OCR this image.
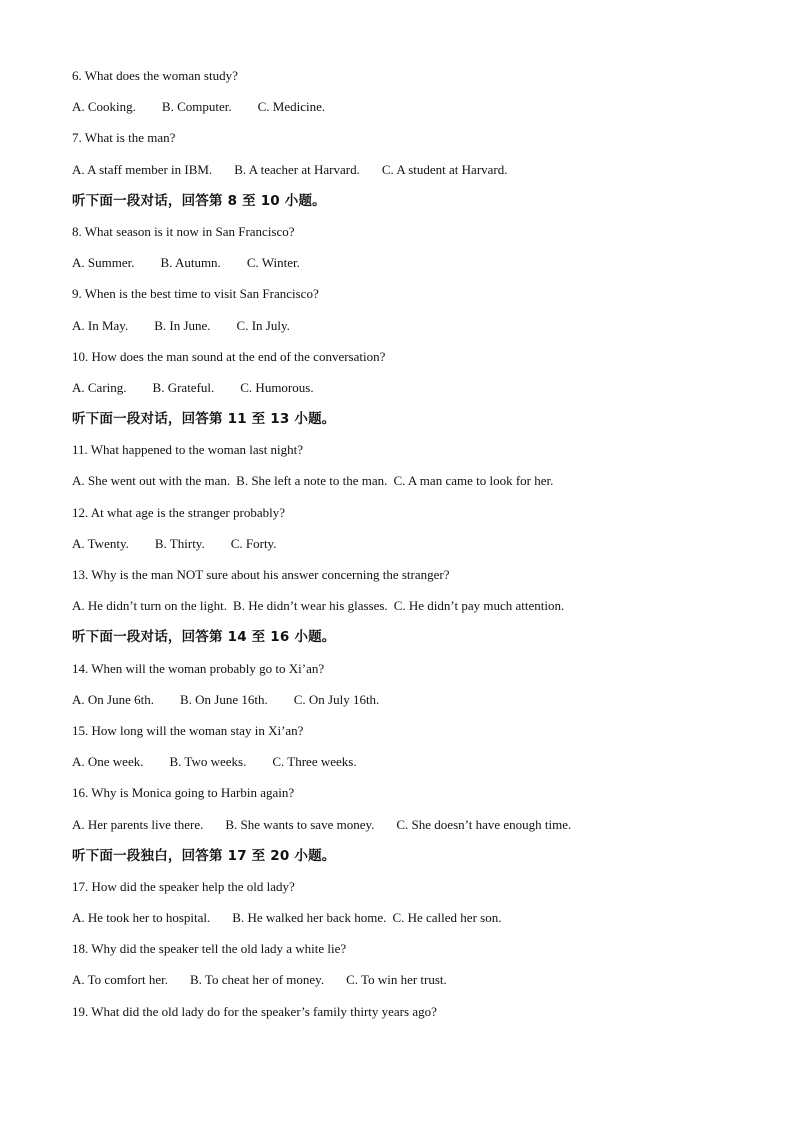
6. What does the woman study?
A. Cooking. B. Computer. C. Medicine.
7. What is the man?
A. A staff member in IBM. B. A teacher at Harvard. C. A student at Harvard.
听下面一段对话，回答第 8 至 10 小题。
8. What season is it now in San Francisco?
A. Summer. B. Autumn. C. Winter.
9. When is the best time to visit San Francisco?
A. In May. B. In June. C. In July.
10. How does the man sound at the end of the conversation?
A. Caring. B. Grateful. C. Humorous.
听下面一段对话，回答第 11 至 13 小题。
11. What happened to the woman last night?
A. She went out with the man. B. She left a note to the man. C. A man came to look for her.
12. At what age is the stranger probably?
A. Twenty. B. Thirty. C. Forty.
13. Why is the man NOT sure about his answer concerning the stranger?
A. He didn’t turn on the light. B. He didn’t wear his glasses. C. He didn’t pay much attention.
听下面一段对话，回答第 14 至 16 小题。
14. When will the woman probably go to Xi’an?
A. On June 6th. B. On June 16th. C. On July 16th.
15. How long will the woman stay in Xi’an?
A. One week. B. Two weeks. C. Three weeks.
16. Why is Monica going to Harbin again?
A. Her parents live there. B. She wants to save money. C. She doesn’t have enough time.
听下面一段独白，回答第 17 至 20 小题。
17. How did the speaker help the old lady?
A. He took her to hospital. B. He walked her back home. C. He called her son.
18. Why did the speaker tell the old lady a white lie?
A. To comfort her. B. To cheat her of money. C. To win her trust.
19. What did the old lady do for the speaker’s family thirty years ago?
